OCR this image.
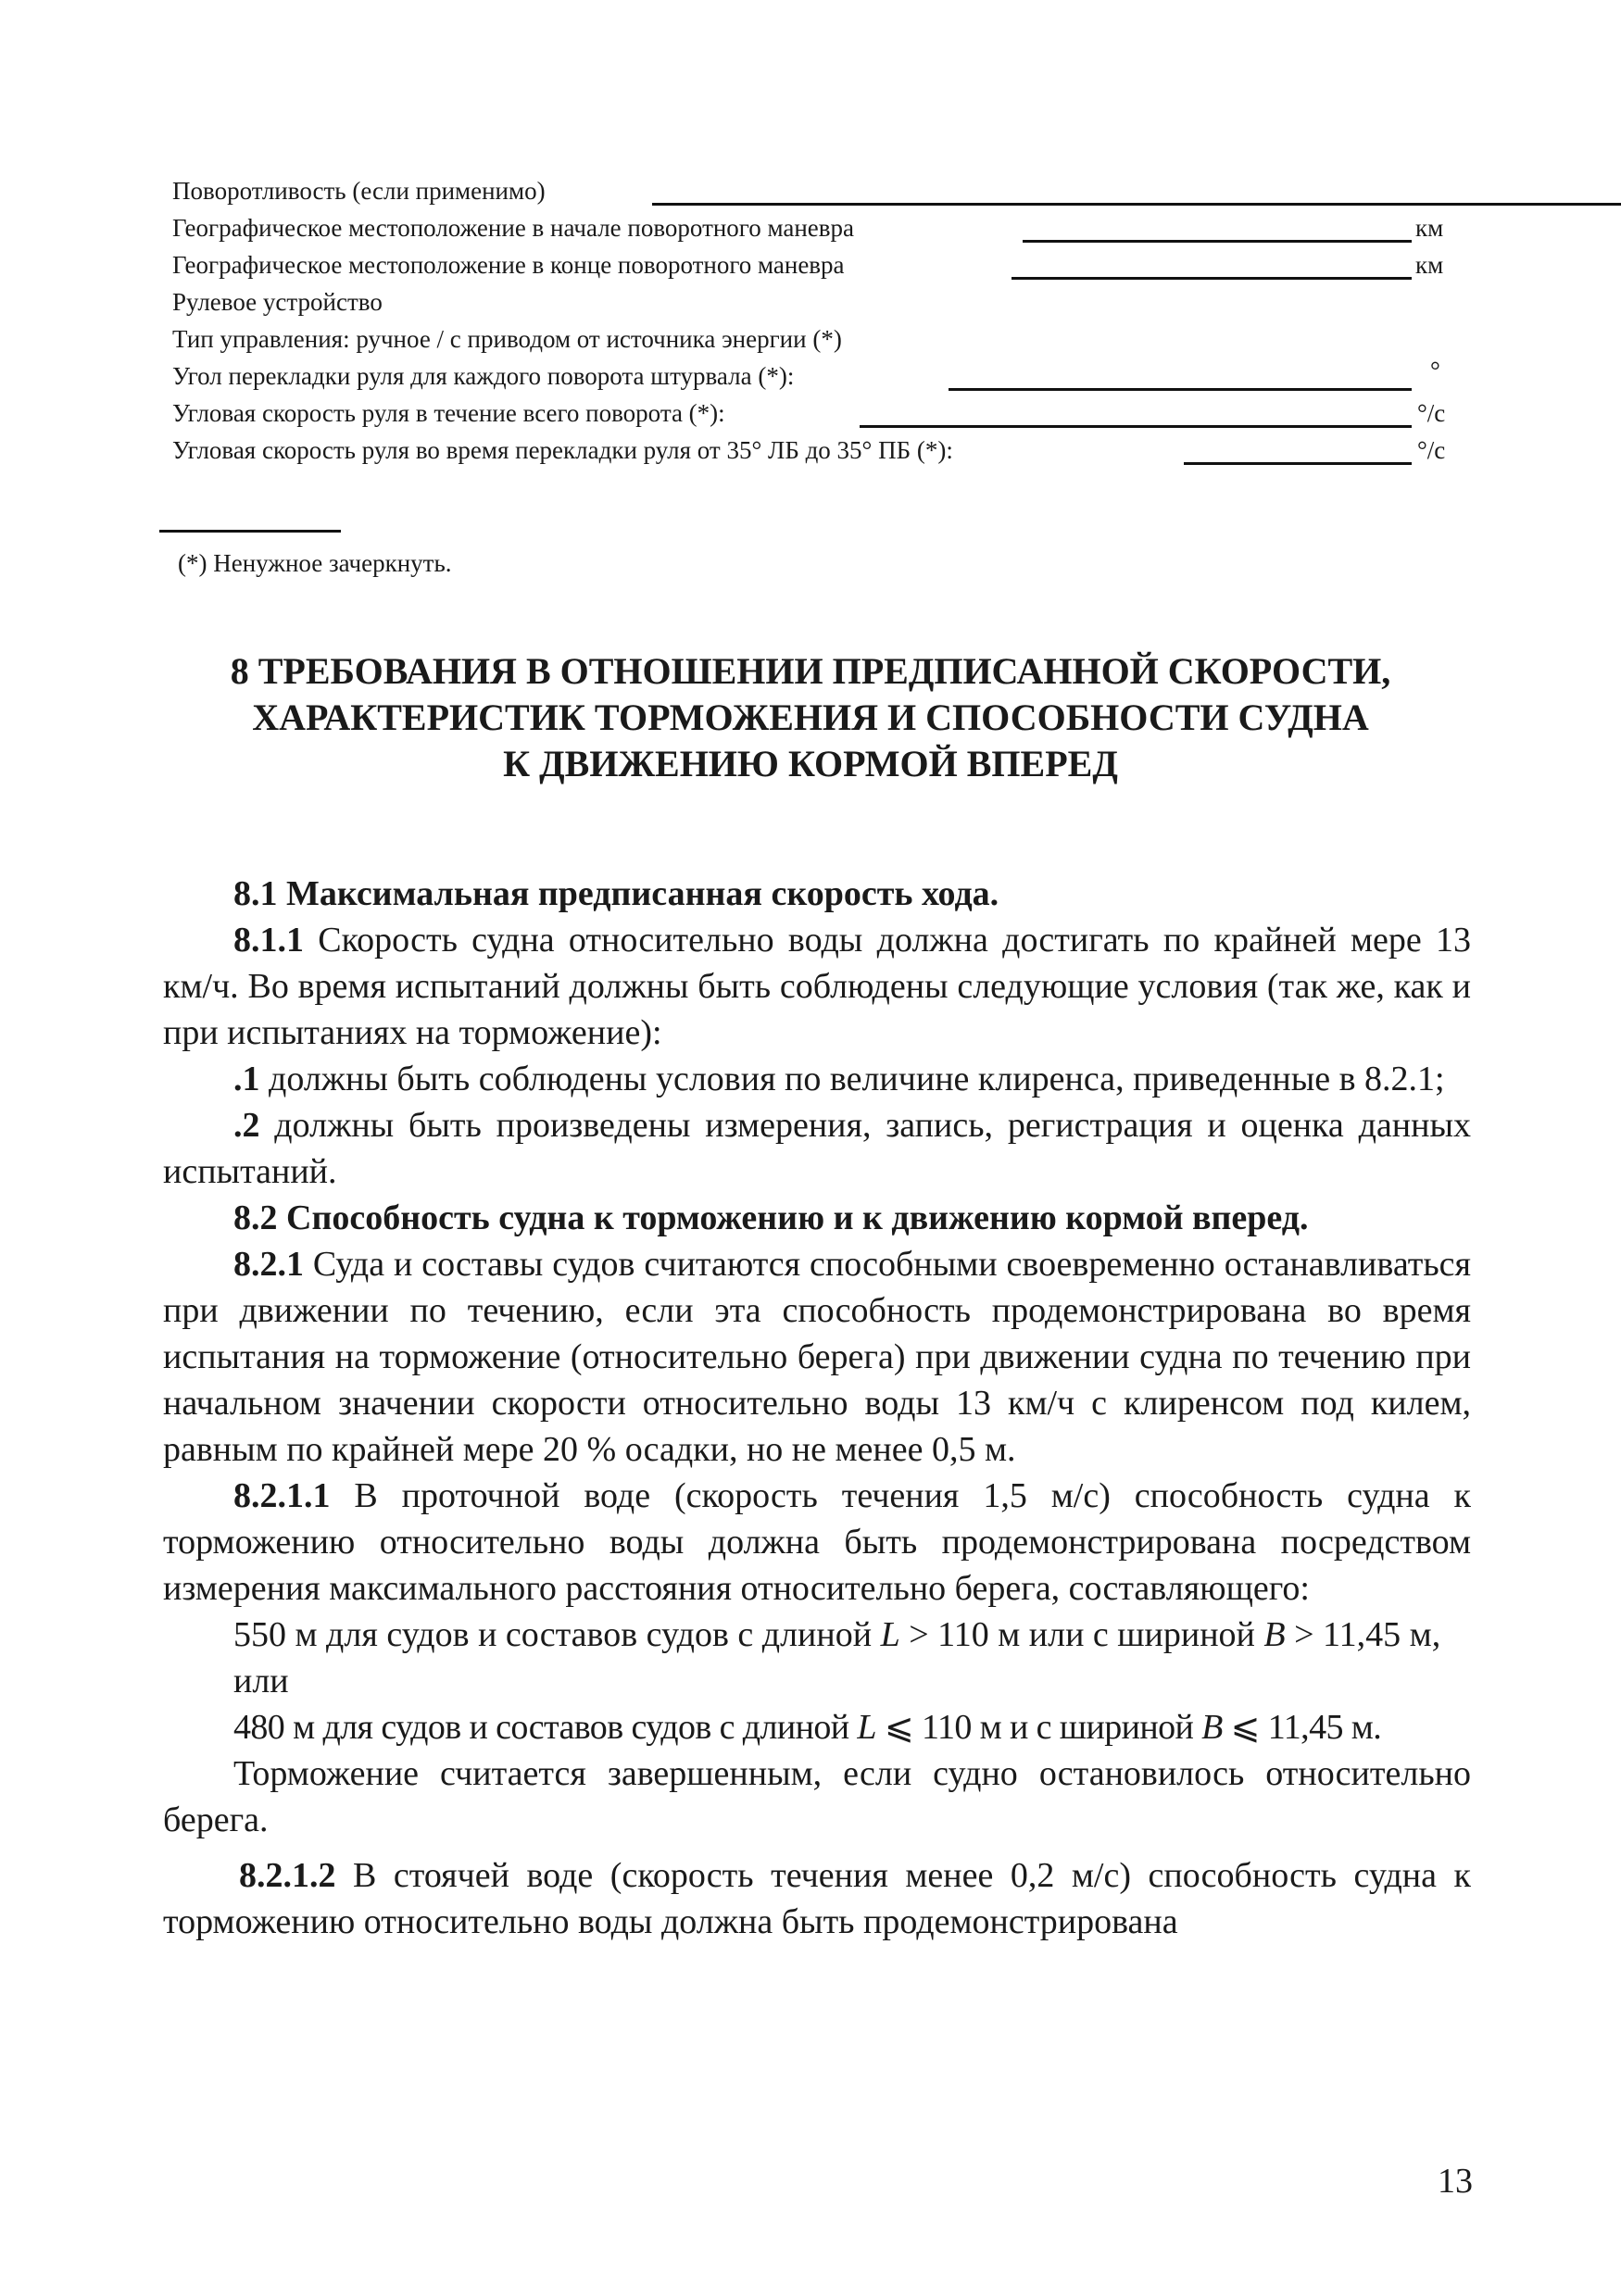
Поворотливость (если применимо)
Географическое местоположение в начале поворотного маневра	км
Географическое местоположение в конце поворотного маневра	км
Рулевое устройство
Тип управления: ручное / с приводом от источника энергии (*)
Угол перекладки руля для каждого поворота штурвала (*):	°
Угловая скорость руля в течение всего поворота (*):	°/с
Угловая скорость руля во время перекладки руля от 35° ЛБ до 35° ПБ (*):	°/с
(*) Ненужное зачеркнуть.
8 ТРЕБОВАНИЯ В ОТНОШЕНИИ ПРЕДПИСАННОЙ СКОРОСТИ,
ХАРАКТЕРИСТИК ТОРМОЖЕНИЯ И СПОСОБНОСТИ СУДНА
К ДВИЖЕНИЮ КОРМОЙ ВПЕРЕД

8.1 Максимальная предписанная скорость хода.

8.1.1 Скорость судна относительно воды должна достигать по крайней мере 13 км/ч. Во время испытаний должны быть соблюдены следующие условия (так же, как и при испытаниях на торможение):

.1 должны быть соблюдены условия по величине клиренса, приведенные в 8.2.1;

.2 должны быть произведены измерения, запись, регистрация и оценка данных испытаний.

8.2 Способность судна к торможению и к движению кормой вперед.

8.2.1 Суда и составы судов считаются способными своевременно останавливаться при движении по течению, если эта способность продемонстрирована во время испытания на торможение (относительно берега) при движении судна по течению при начальном значении скорости относительно воды 13 км/ч с клиренсом под килем, равным по крайней мере 20 % осадки, но не менее 0,5 м.

8.2.1.1 В проточной воде (скорость течения 1,5 м/с) способность судна к торможению относительно воды должна быть продемонстрирована посредством измерения максимального расстояния относительно берега, составляющего:

550 м для судов и составов судов с длиной L > 110 м или с шириной B > 11,45 м,

или

480 м для судов и составов судов с длиной L ⩽ 110 м и с шириной B ⩽ 11,45 м.

Торможение считается завершенным, если судно остановилось относительно берега.

8.2.1.2 В стоячей воде (скорость течения менее 0,2 м/с) способность судна к торможению относительно воды должна быть продемонстрирована

13
